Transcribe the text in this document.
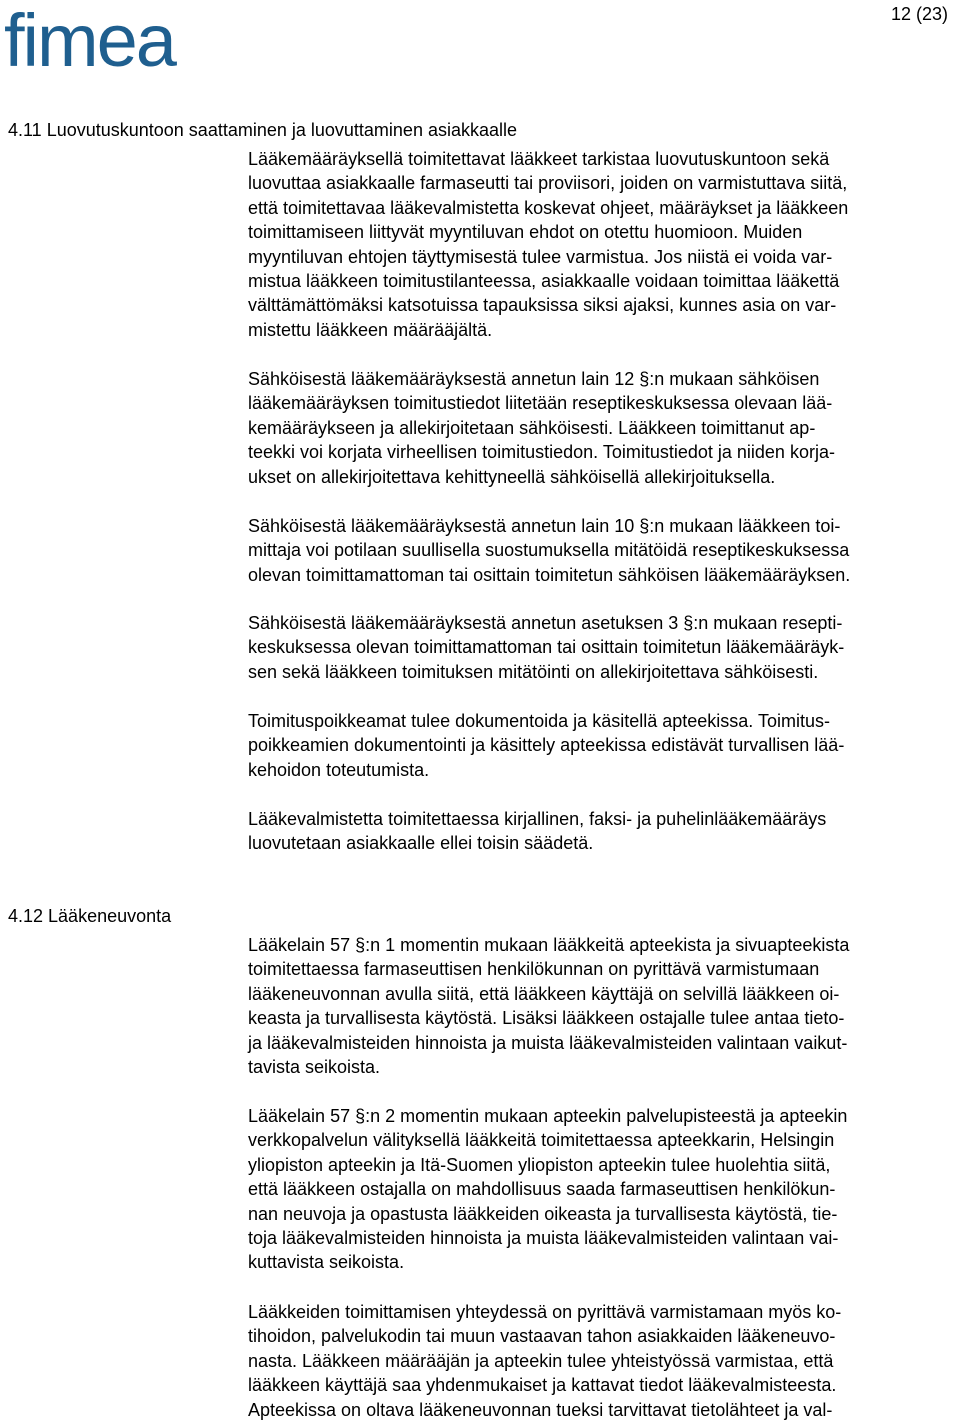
fimea	12 (23)
4.11 Luovutuskuntoon saattaminen ja luovuttaminen asiakkaalle
Lääkemääräyksellä toimitettavat lääkkeet tarkistaa luovutuskuntoon sekä
luovuttaa asiakkaalle farmaseutti tai proviisori, joiden on varmistuttava siitä,
että toimitettavaa lääkevalmistetta koskevat ohjeet, määräykset ja lääkkeen
toimittamiseen liittyvät myyntiluvan ehdot on otettu huomioon. Muiden
myyntiluvan ehtojen täyttymisestä tulee varmistua. Jos niistä ei voida var-
mistua lääkkeen toimitustilanteessa, asiakkaalle voidaan toimittaa lääkettä
välttämättömäksi katsotuissa tapauksissa siksi ajaksi, kunnes asia on var-
mistettu lääkkeen määrääjältä.
Sähköisestä lääkemääräyksestä annetun lain 12 §:n mukaan sähköisen
lääkemääräyksen toimitustiedot liitetään reseptikeskuksessa olevaan lää-
kemääräykseen ja allekirjoitetaan sähköisesti. Lääkkeen toimittanut ap-
teekki voi korjata virheellisen toimitustiedon. Toimitustiedot ja niiden korja-
ukset on allekirjoitettava kehittyneellä sähköisellä allekirjoituksella.
Sähköisestä lääkemääräyksestä annetun lain 10 §:n mukaan lääkkeen toi-
mittaja voi potilaan suullisella suostumuksella mitätöidä reseptikeskuksessa
olevan toimittamattoman tai osittain toimitetun sähköisen lääkemääräyksen.
Sähköisestä lääkemääräyksestä annetun asetuksen 3 §:n mukaan resepti-
keskuksessa olevan toimittamattoman tai osittain toimitetun lääkemääräyk-
sen sekä lääkkeen toimituksen mitätöinti on allekirjoitettava sähköisesti.
Toimituspoikkeamat tulee dokumentoida ja käsitellä apteekissa. Toimitus-
poikkeamien dokumentointi ja käsittely apteekissa edistävät turvallisen lää-
kehoidon toteutumista.
Lääkevalmistetta toimitettaessa kirjallinen, faksi- ja puhelinlääkemääräys
luovutetaan asiakkaalle ellei toisin säädetä.
4.12 Lääkeneuvonta
Lääkelain 57 §:n 1 momentin mukaan lääkkeitä apteekista ja sivuapteekista
toimitettaessa farmaseuttisen henkilökunnan on pyrittävä varmistumaan
lääkeneuvonnan avulla siitä, että lääkkeen käyttäjä on selvillä lääkkeen oi-
keasta ja turvallisesta käytöstä. Lisäksi lääkkeen ostajalle tulee antaa tieto-
ja lääkevalmisteiden hinnoista ja muista lääkevalmisteiden valintaan vaikut-
tavista seikoista.
Lääkelain 57 §:n 2 momentin mukaan apteekin palvelupisteestä ja apteekin
verkkopalvelun välityksellä lääkkeitä toimitettaessa apteekkarin, Helsingin
yliopiston apteekin ja Itä-Suomen yliopiston apteekin tulee huolehtia siitä,
että lääkkeen ostajalla on mahdollisuus saada farmaseuttisen henkilökun-
nan neuvoja ja opastusta lääkkeiden oikeasta ja turvallisesta käytöstä, tie-
toja lääkevalmisteiden hinnoista ja muista lääkevalmisteiden valintaan vai-
kuttavista seikoista.
Lääkkeiden toimittamisen yhteydessä on pyrittävä varmistamaan myös ko-
tihoidon, palvelukodin tai muun vastaavan tahon asiakkaiden lääkeneuvo-
nasta. Lääkkeen määrääjän ja apteekin tulee yhteistyössä varmistaa, että
lääkkeen käyttäjä saa yhdenmukaiset ja kattavat tiedot lääkevalmisteesta.
Apteekissa on oltava lääkeneuvonnan tueksi tarvittavat tietolähteet ja val-
